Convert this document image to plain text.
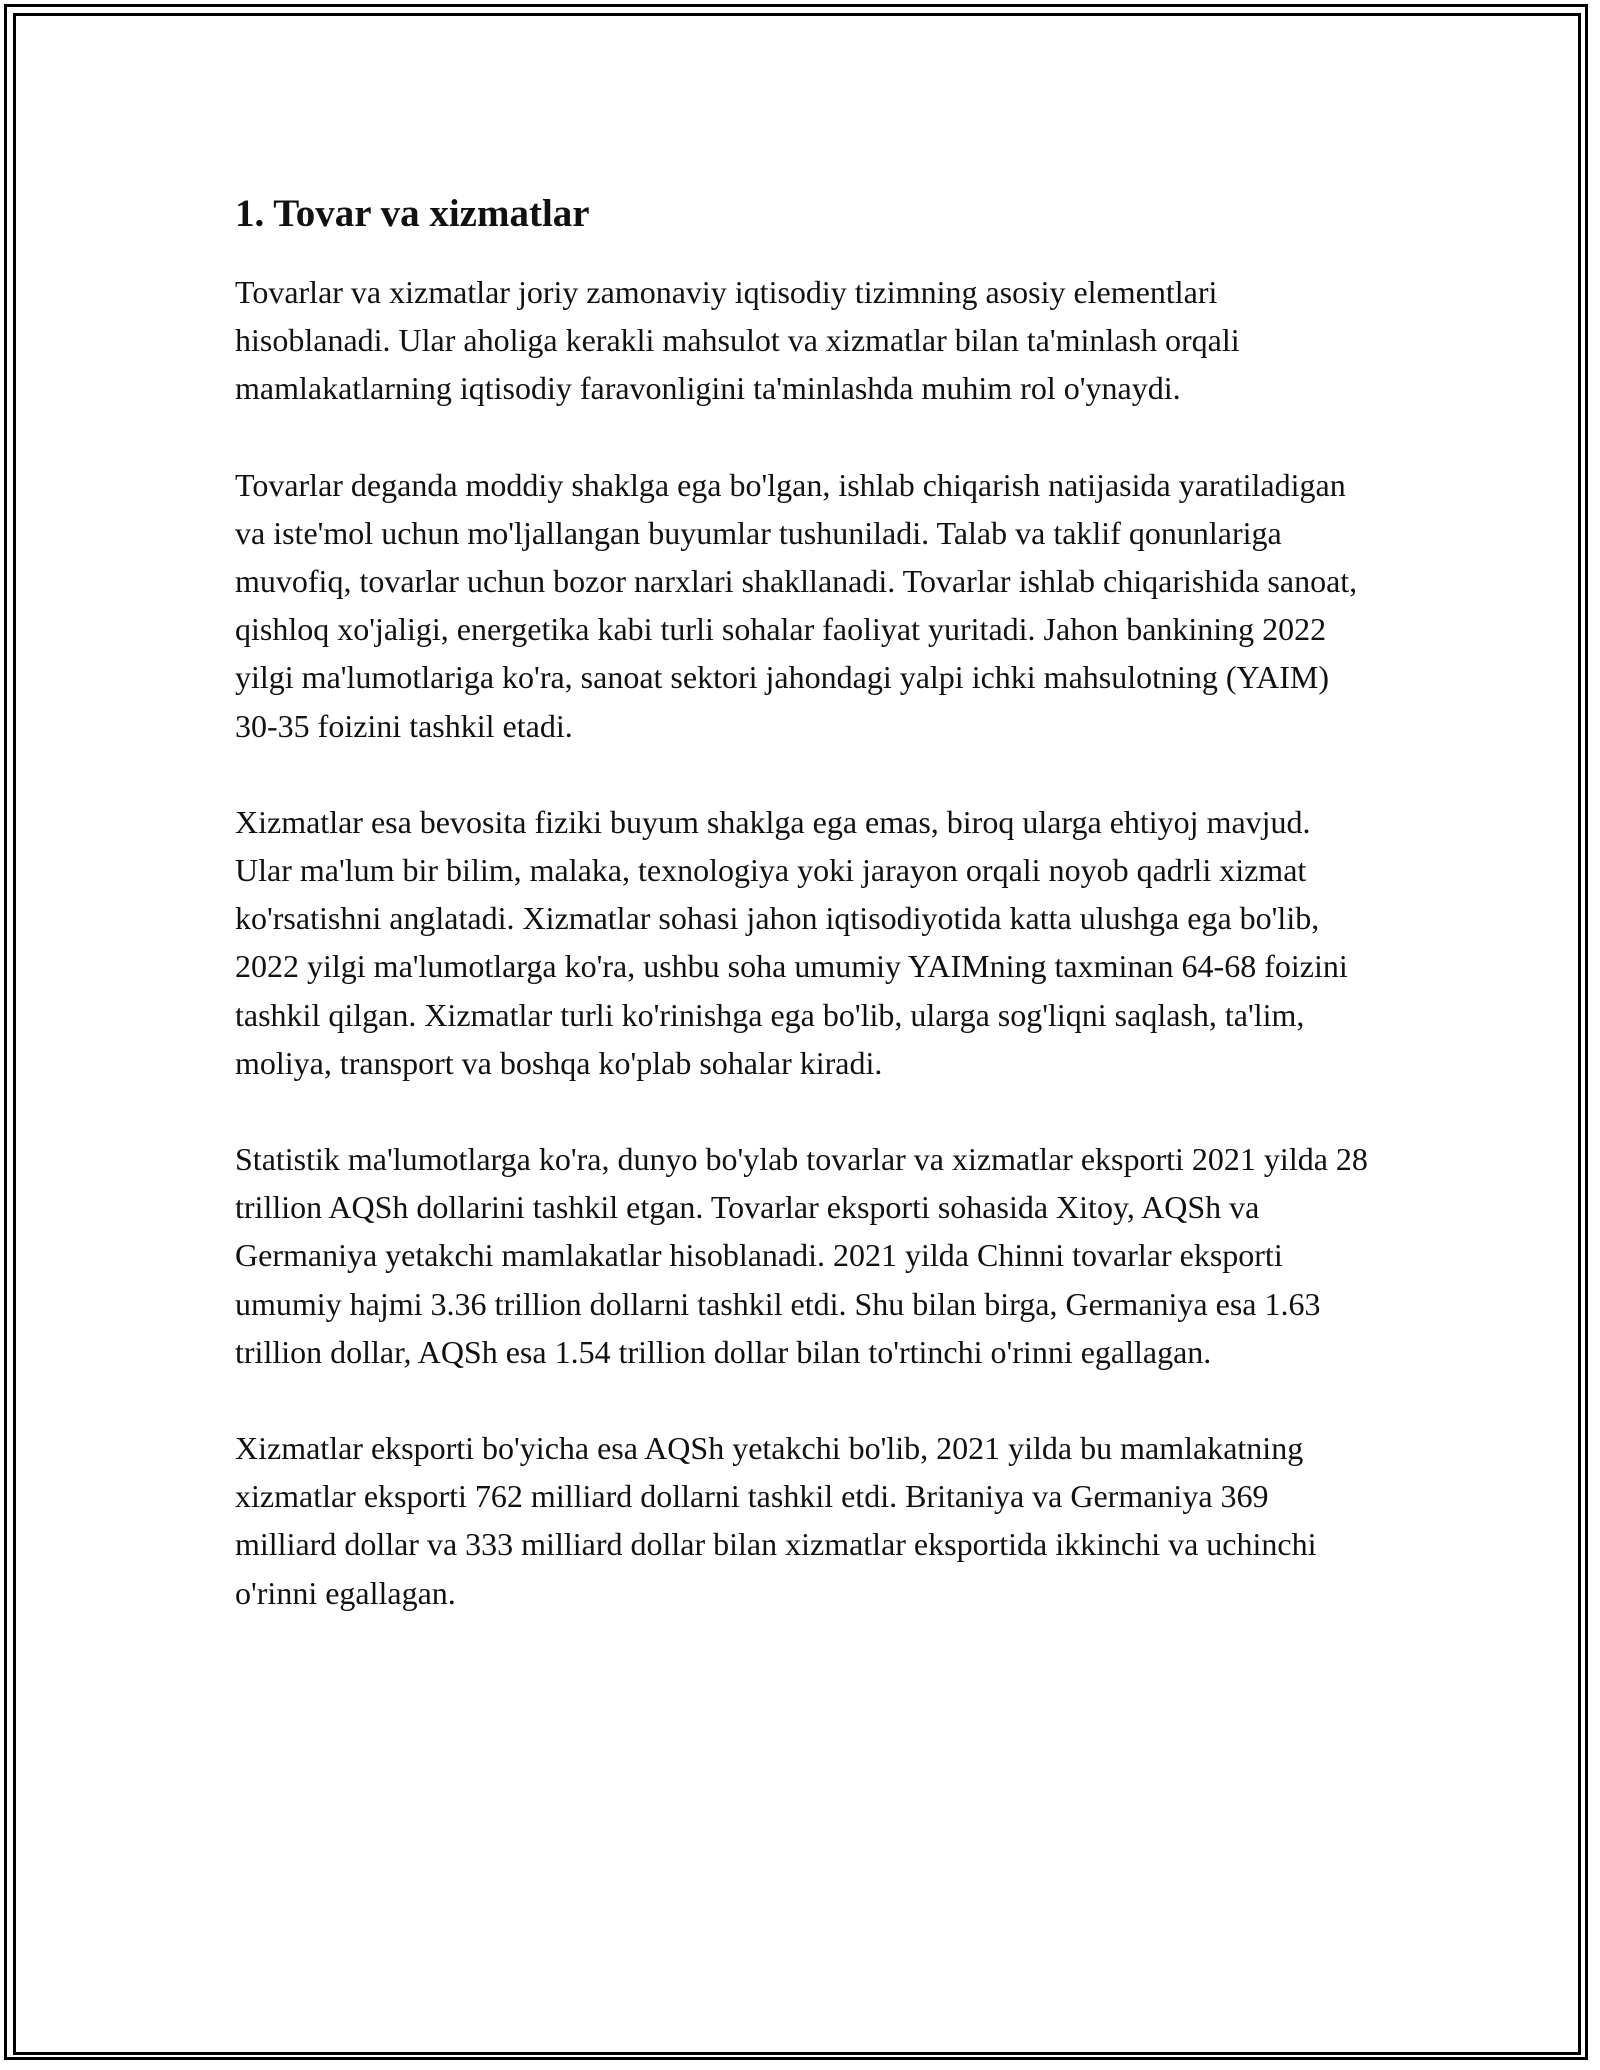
1. Tovar va xizmatlar

Tovarlar va xizmatlar joriy zamonaviy iqtisodiy tizimning asosiy elementlari hisoblanadi. Ular aholiga kerakli mahsulot va xizmatlar bilan ta'minlash orqali mamlakatlarning iqtisodiy faravonligini ta'minlashda muhim rol o'ynaydi.

Tovarlar deganda moddiy shaklga ega bo'lgan, ishlab chiqarish natijasida yaratiladigan va iste'mol uchun mo'ljallangan buyumlar tushuniladi. Talab va taklif qonunlariga muvofiq, tovarlar uchun bozor narxlari shakllanadi. Tovarlar ishlab chiqarishida sanoat, qishloq xo'jaligi, energetika kabi turli sohalar faoliyat yuritadi. Jahon bankining 2022 yilgi ma'lumotlariga ko'ra, sanoat sektori jahondagi yalpi ichki mahsulotning (YAIM) 30-35 foizini tashkil etadi.

Xizmatlar esa bevosita fiziki buyum shaklga ega emas, biroq ularga ehtiyoj mavjud. Ular ma'lum bir bilim, malaka, texnologiya yoki jarayon orqali noyob qadrli xizmat ko'rsatishni anglatadi. Xizmatlar sohasi jahon iqtisodiyotida katta ulushga ega bo'lib, 2022 yilgi ma'lumotlarga ko'ra, ushbu soha umumiy YAIMning taxminan 64-68 foizini tashkil qilgan. Xizmatlar turli ko'rinishga ega bo'lib, ularga sog'liqni saqlash, ta'lim, moliya, transport va boshqa ko'plab sohalar kiradi.

Statistik ma'lumotlarga ko'ra, dunyo bo'ylab tovarlar va xizmatlar eksporti 2021 yilda 28 trillion AQSh dollarini tashkil etgan. Tovarlar eksporti sohasida Xitoy, AQSh va Germaniya yetakchi mamlakatlar hisoblanadi. 2021 yilda Chinni tovarlar eksporti umumiy hajmi 3.36 trillion dollarni tashkil etdi. Shu bilan birga, Germaniya esa 1.63 trillion dollar, AQSh esa 1.54 trillion dollar bilan to'rtinchi o'rinni egallagan.

Xizmatlar eksporti bo'yicha esa AQSh yetakchi bo'lib, 2021 yilda bu mamlakatning xizmatlar eksporti 762 milliard dollarni tashkil etdi. Britaniya va Germaniya 369 milliard dollar va 333 milliard dollar bilan xizmatlar eksportida ikkinchi va uchinchi o'rinni egallagan.
